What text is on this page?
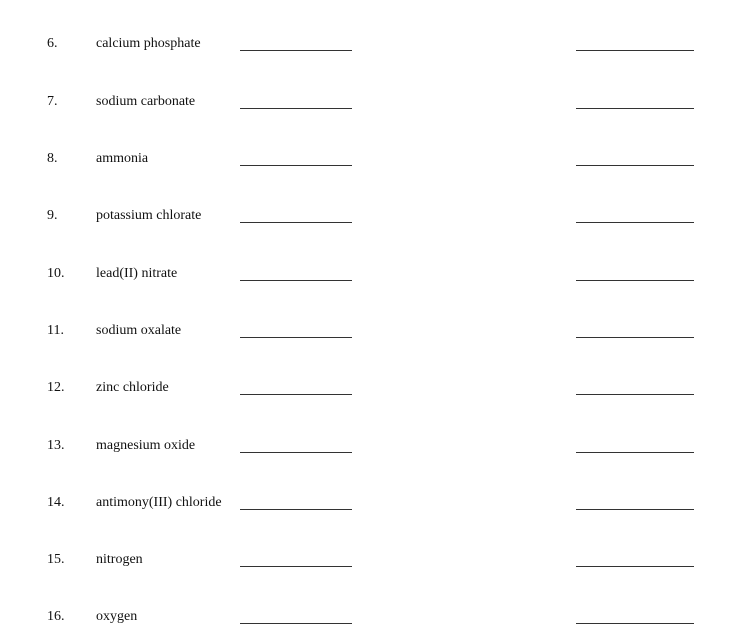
6.	calcium phosphate
7.	sodium carbonate
8.	ammonia
9.	potassium chlorate
10. lead(II) nitrate
11. sodium oxalate
12. zinc chloride
13. magnesium oxide
14. antimony(III) chloride
15. nitrogen
16. oxygen
